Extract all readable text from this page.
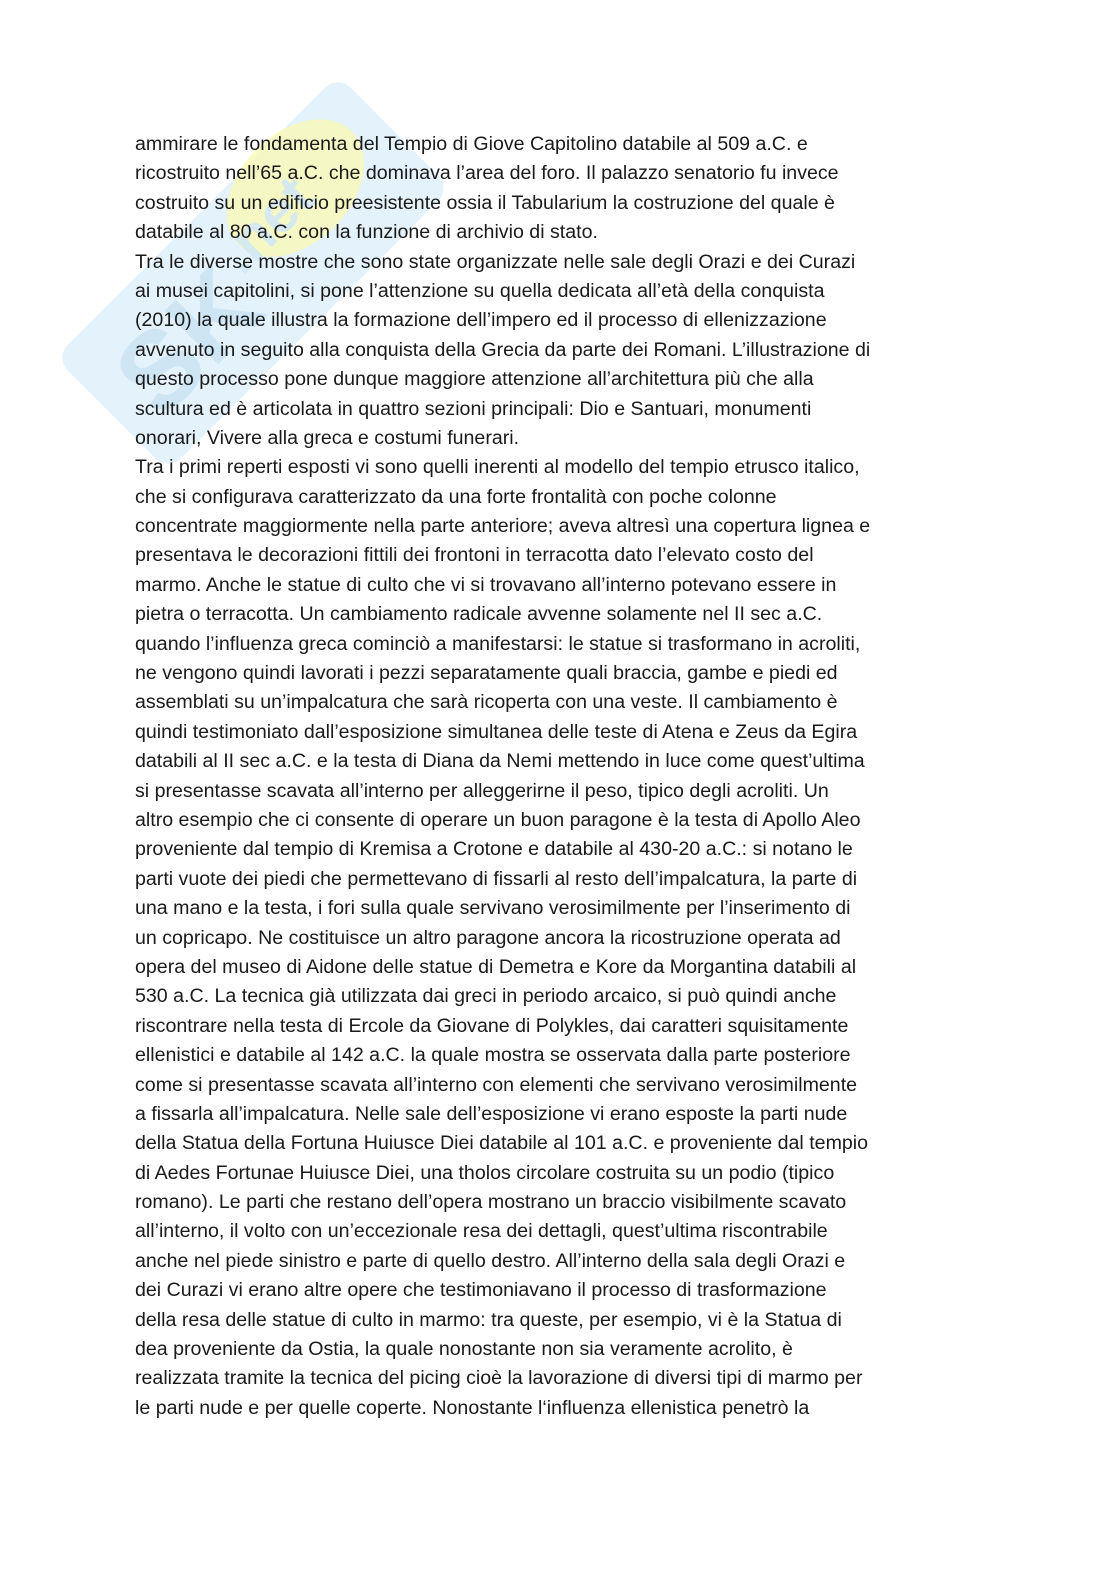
SK
.net
ammirare le fondamenta del Tempio di Giove Capitolino databile al 509 a.C. e
ricostruito nell’65 a.C. che dominava l’area del foro. Il palazzo senatorio fu invece
costruito su un edificio preesistente ossia il Tabularium la costruzione del quale è
databile al 80 a.C. con la funzione di archivio di stato.
Tra le diverse mostre che sono state organizzate nelle sale degli Orazi e dei Curazi
ai musei capitolini, si pone l’attenzione su quella dedicata all’età della conquista
(2010) la quale illustra la formazione dell’impero ed il processo di ellenizzazione
avvenuto in seguito alla conquista della Grecia da parte dei Romani. L’illustrazione di
questo processo pone dunque maggiore attenzione all’architettura più che alla
scultura ed è articolata in quattro sezioni principali: Dio e Santuari, monumenti
onorari, Vivere alla greca e costumi funerari.
Tra i primi reperti esposti vi sono quelli inerenti al modello del tempio etrusco italico,
che si configurava caratterizzato da una forte frontalità con poche colonne
concentrate maggiormente nella parte anteriore; aveva altresì una copertura lignea e
presentava le decorazioni fittili dei frontoni in terracotta dato l’elevato costo del
marmo. Anche le statue di culto che vi si trovavano all’interno potevano essere in
pietra o terracotta. Un cambiamento radicale avvenne solamente nel II sec a.C.
quando l’influenza greca cominciò a manifestarsi: le statue si trasformano in acroliti,
ne vengono quindi lavorati i pezzi separatamente quali braccia, gambe e piedi ed
assemblati su un’impalcatura che sarà ricoperta con una veste. Il cambiamento è
quindi testimoniato dall’esposizione simultanea delle teste di Atena e Zeus da Egira
databili al II sec a.C. e la testa di Diana da Nemi mettendo in luce come quest’ultima
si presentasse scavata all’interno per alleggerirne il peso, tipico degli acroliti. Un
altro esempio che ci consente di operare un buon paragone è la testa di Apollo Aleo
proveniente dal tempio di Kremisa a Crotone e databile al 430-20 a.C.: si notano le
parti vuote dei piedi che permettevano di fissarli al resto dell’impalcatura, la parte di
una mano e la testa, i fori sulla quale servivano verosimilmente per l’inserimento di
un copricapo. Ne costituisce un altro paragone ancora la ricostruzione operata ad
opera del museo di Aidone delle statue di Demetra e Kore da Morgantina databili al
530 a.C. La tecnica già utilizzata dai greci in periodo arcaico, si può quindi anche
riscontrare nella testa di Ercole da Giovane di Polykles, dai caratteri squisitamente
ellenistici e databile al 142 a.C. la quale mostra se osservata dalla parte posteriore
come si presentasse scavata all’interno con elementi che servivano verosimilmente
a fissarla all’impalcatura. Nelle sale dell’esposizione vi erano esposte la parti nude
della Statua della Fortuna Huiusce Diei databile al 101 a.C. e proveniente dal tempio
di Aedes Fortunae Huiusce Diei, una tholos circolare costruita su un podio (tipico
romano). Le parti che restano dell’opera mostrano un braccio visibilmente scavato
all’interno, il volto con un’eccezionale resa dei dettagli, quest’ultima riscontrabile
anche nel piede sinistro e parte di quello destro. All’interno della sala degli Orazi e
dei Curazi vi erano altre opere che testimoniavano il processo di trasformazione
della resa delle statue di culto in marmo: tra queste, per esempio, vi è la Statua di
dea proveniente da Ostia, la quale nonostante non sia veramente acrolito, è
realizzata tramite la tecnica del picing cioè la lavorazione di diversi tipi di marmo per
le parti nude e per quelle coperte. Nonostante l‘influenza ellenistica penetrò la
